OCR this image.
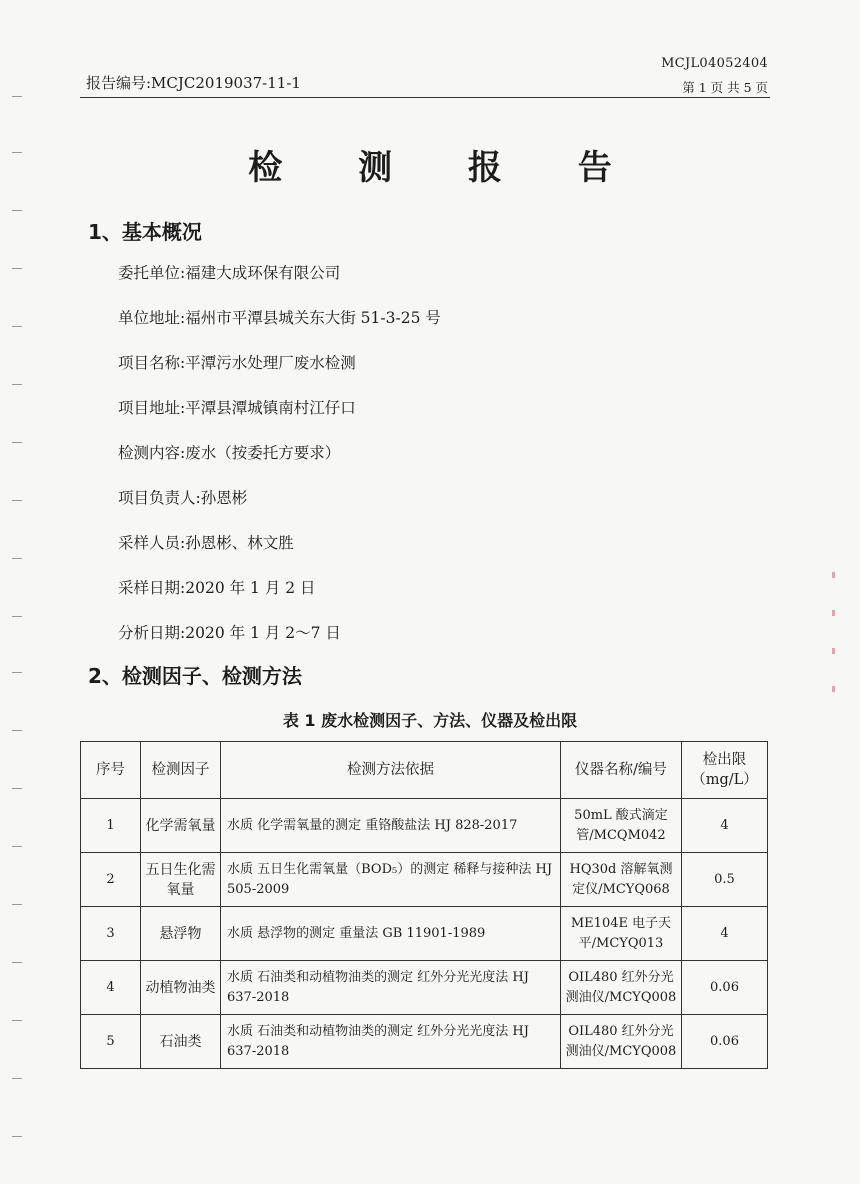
MCJL04052404
报告编号:MCJC2019037-11-1	第 1 页 共 5 页
检 测 报 告
1、基本概况
委托单位:福建大成环保有限公司
单位地址:福州市平潭县城关东大街 51-3-25 号
项目名称:平潭污水处理厂废水检测
项目地址:平潭县潭城镇南村江仔口
检测内容:废水（按委托方要求）
项目负责人:孙恩彬
采样人员:孙恩彬、林文胜
采样日期:2020 年 1 月 2 日
分析日期:2020 年 1 月 2～7 日
2、检测因子、检测方法
表 1 废水检测因子、方法、仪器及检出限
序号	检测因子	检测方法依据	仪器名称/编号	检出限
（mg/L）
1	化学需氧量	水质 化学需氧量的测定 重铬酸盐法 HJ 828-2017	50mL 酸式滴定管/MCQM042	4
2	五日生化需氧量	水质 五日生化需氧量（BOD₅）的测定 稀释与接种法 HJ 505-2009	HQ30d 溶解氧测定仪/MCYQ068	0.5
3	悬浮物	水质 悬浮物的测定 重量法 GB 11901-1989	ME104E 电子天平/MCYQ013	4
4	动植物油类	水质 石油类和动植物油类的测定 红外分光光度法 HJ 637-2018	OIL480 红外分光测油仪/MCYQ008	0.06
5	石油类	水质 石油类和动植物油类的测定 红外分光光度法 HJ 637-2018	OIL480 红外分光测油仪/MCYQ008	0.06
